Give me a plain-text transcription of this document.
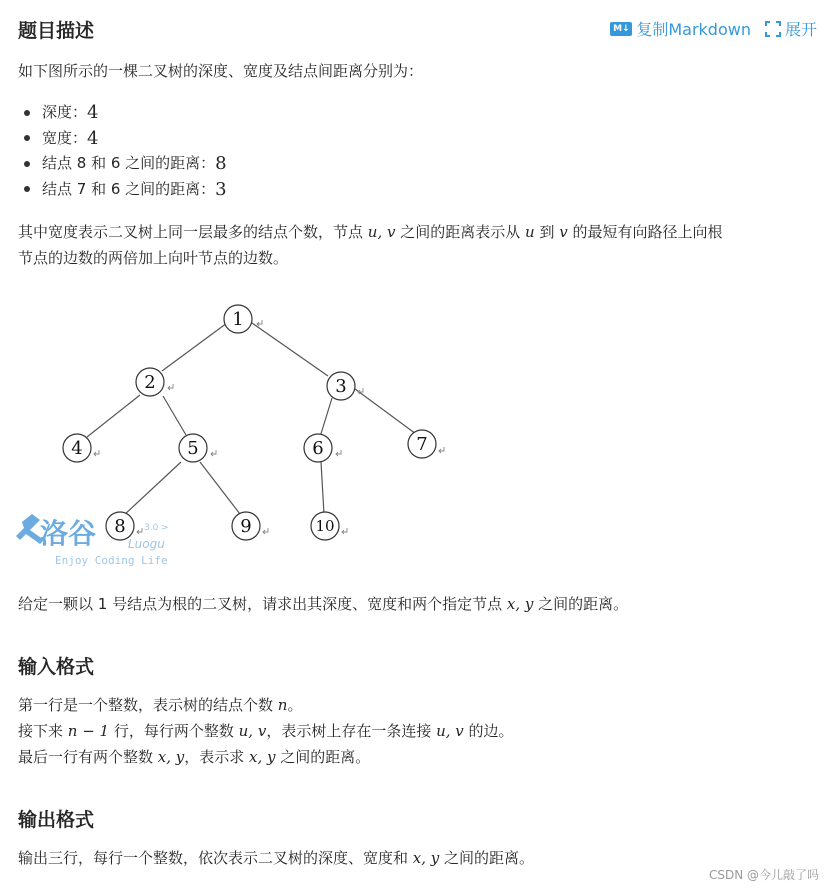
题目描述	M↓ 复制Markdown 展开

如下图所示的一棵二叉树的深度、宽度及结点间距离分别为：

深度： 4
宽度： 4
结点 8 和 6 之间的距离： 8
结点 7 和 6 之间的距离： 3

其中宽度表示二叉树上同一层最多的结点个数，节点 u, v 之间的距离表示从 u 到 v 的最短有向路径上向根
节点的边数的两倍加上向叶节点的边数。

1
2	3
4	5	6	7
8	9	10
洛谷	3.0 >
Luogu
Enjoy Coding Life

给定一颗以 1 号结点为根的二叉树，请求出其深度、宽度和两个指定节点 x, y 之间的距离。

输入格式

第一行是一个整数，表示树的结点个数 n。
接下来 n − 1 行，每行两个整数 u, v，表示树上存在一条连接 u, v 的边。
最后一行有两个整数 x, y，表示求 x, y 之间的距离。

输出格式

输出三行，每行一个整数，依次表示二叉树的深度、宽度和 x, y 之间的距离。

CSDN @今儿敲了吗
